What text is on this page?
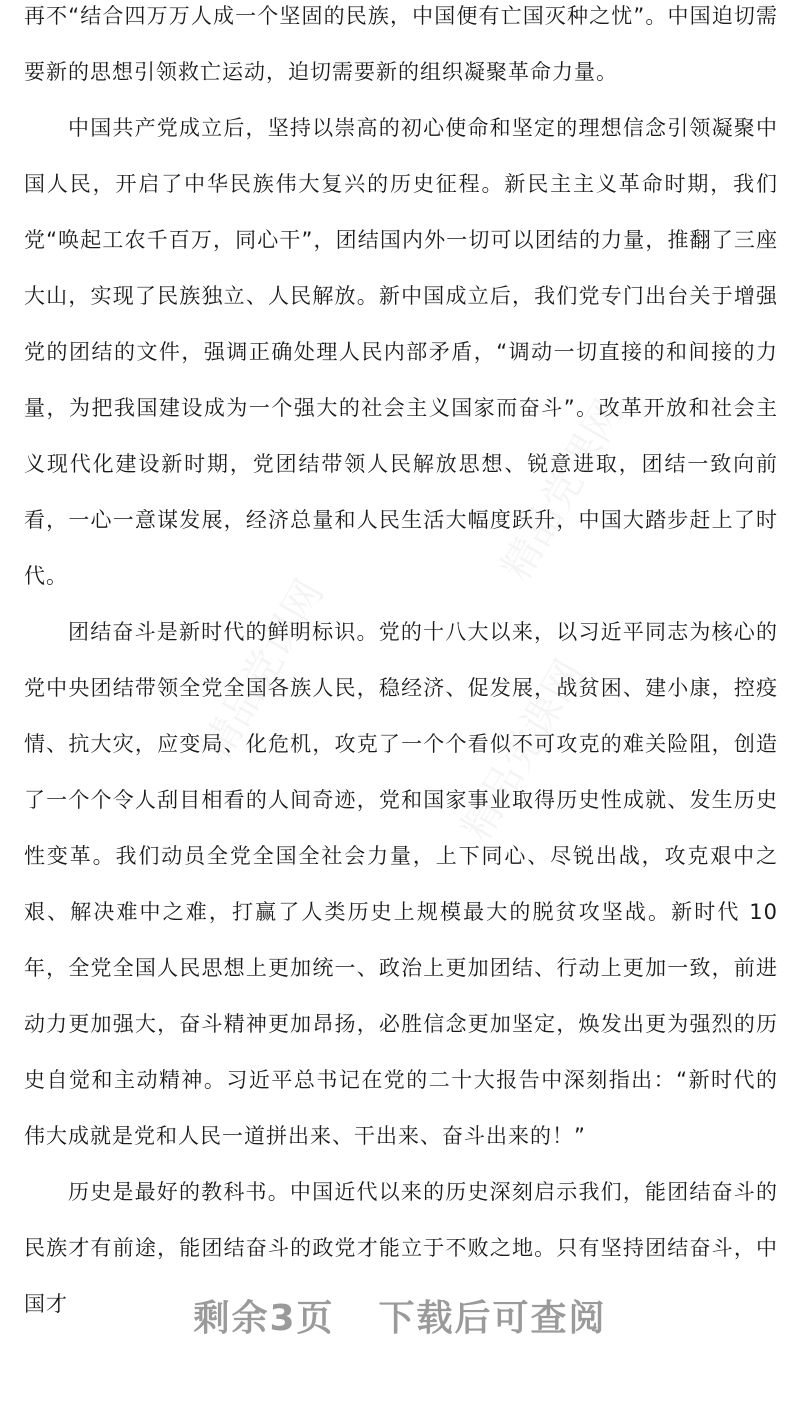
再不“结合四万万人成一个坚固的民族，中国便有亡国灭种之忧”。中国迫切需要新的思想引领救亡运动，迫切需要新的组织凝聚革命力量。

中国共产党成立后，坚持以崇高的初心使命和坚定的理想信念引领凝聚中国人民，开启了中华民族伟大复兴的历史征程。新民主主义革命时期，我们党“唤起工农千百万，同心干”，团结国内外一切可以团结的力量，推翻了三座大山，实现了民族独立、人民解放。新中国成立后，我们党专门出台关于增强党的团结的文件，强调正确处理人民内部矛盾，“调动一切直接的和间接的力量，为把我国建设成为一个强大的社会主义国家而奋斗”。改革开放和社会主义现代化建设新时期，党团结带领人民解放思想、锐意进取，团结一致向前看，一心一意谋发展，经济总量和人民生活大幅度跃升，中国大踏步赶上了时代。

团结奋斗是新时代的鲜明标识。党的十八大以来，以习近平同志为核心的党中央团结带领全党全国各族人民，稳经济、促发展，战贫困、建小康，控疫情、抗大灾，应变局、化危机，攻克了一个个看似不可攻克的难关险阻，创造了一个个令人刮目相看的人间奇迹，党和国家事业取得历史性成就、发生历史性变革。我们动员全党全国全社会力量，上下同心、尽锐出战，攻克艰中之艰、解决难中之难，打赢了人类历史上规模最大的脱贫攻坚战。新时代 10 年，全党全国人民思想上更加统一、政治上更加团结、行动上更加一致，前进动力更加强大，奋斗精神更加昂扬，必胜信念更加坚定，焕发出更为强烈的历史自觉和主动精神。习近平总书记在党的二十大报告中深刻指出：“新时代的伟大成就是党和人民一道拼出来、干出来、奋斗出来的！”

历史是最好的教科书。中国近代以来的历史深刻启示我们，能团结奋斗的民族才有前途，能团结奋斗的政党才能立于不败之地。只有坚持团结奋斗，中国才

精品党课网	精品党课网
精品党课网
剩余3页 下载后可查阅
